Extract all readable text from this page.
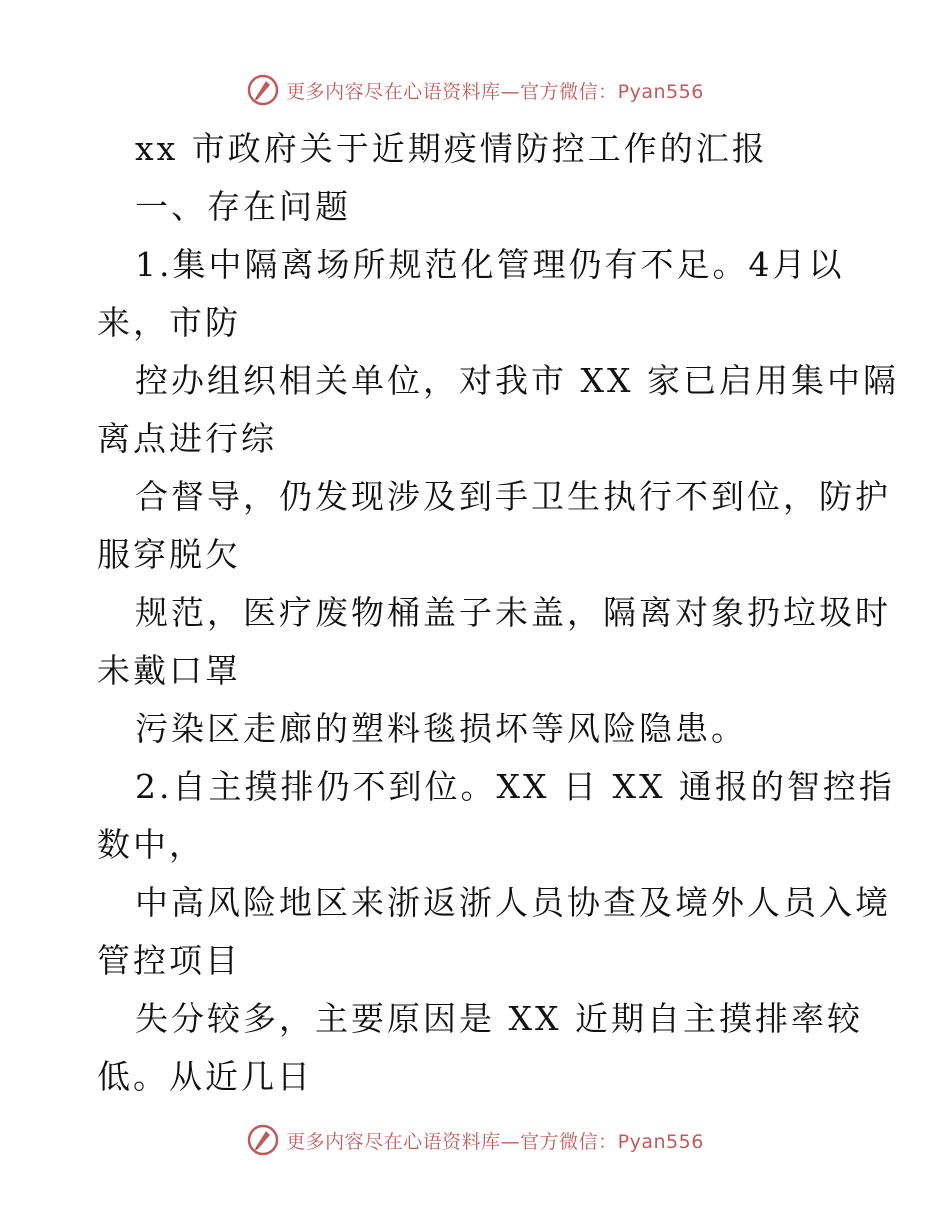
更多内容尽在心语资料库—官方微信：Pyan556

xx 市政府关于近期疫情防控工作的汇报

一、存在问题

1.集中隔离场所规范化管理仍有不足。4月以

来，市防

控办组织相关单位，对我市 XX 家已启用集中隔

离点进行综

合督导，仍发现涉及到手卫生执行不到位，防护

服穿脱欠

规范，医疗废物桶盖子未盖，隔离对象扔垃圾时

未戴口罩

污染区走廊的塑料毯损坏等风险隐患。

2.自主摸排仍不到位。XX 日 XX 通报的智控指

数中，

中高风险地区来浙返浙人员协查及境外人员入境

管控项目

失分较多，主要原因是 XX 近期自主摸排率较

低。从近几日

更多内容尽在心语资料库—官方微信：Pyan556
